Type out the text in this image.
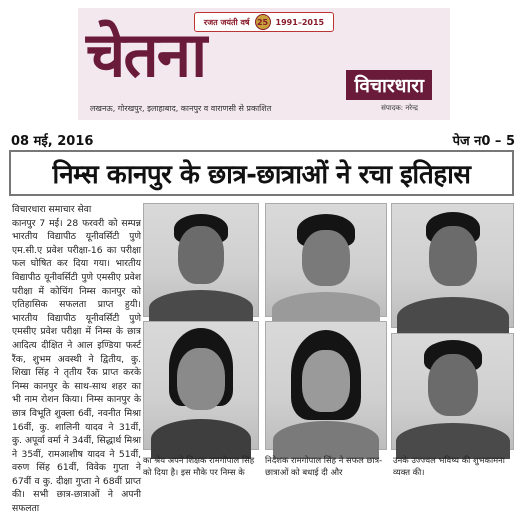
रजत जयंती वर्ष 25 1991–2015
चेतना	विचारधारा
लखनऊ, गोरखपुर, इलाहाबाद, कानपुर व वाराणसी से प्रकाशित	संपादक: नरेन्द्र
08 मई, 2016	पेज न0 – 5
निम्स कानपुर के छात्र-छात्राओं ने रचा इतिहास

विचारधारा समाचार सेवा

कानपुर 7 मई। 28 फरवरी को सम्पन्न भारतीय विद्यापीठ यूनीवर्सिटी पुणे एम.सी.ए प्रवेश परीक्षा-16 का परीक्षा फल घोषित कर दिया गया। भारतीय विद्यापीठ यूनीवर्सिटी पुणे एमसीए प्रवेश परीक्षा में कोचिंग निम्स कानपुर को एतिहासिक सफलता प्राप्त हुयी। भारतीय विद्यापीठ यूनीवर्सिटी पुणे एमसीए प्रवेश परीक्षा में निम्स के छात्र आदित्य दीक्षित ने आल इण्डिया फर्स्ट रैंक, शुभम अवस्थी ने द्वितीय, कु. शिखा सिंह ने तृतीय रैंक प्राप्त करके निम्स कानपुर के साथ-साथ शहर का भी नाम रोशन किया। निम्स कानपुर के छात्र विभूति शुक्ला 6वीं, नवनीत मिश्रा 16वीं, कु. शालिनी यादव ने 31वीं, कु. अपूर्वा वर्मा ने 34वीं, सिद्धार्थ मिश्रा ने 35वीं, रामआशीष यादव ने 51वीं, वरुण सिंह 61वीं, विवेक गुप्ता ने 67वीं व कु. दीक्षा गुप्ता ने 68वीं प्राप्त की। सभी छात्र-छात्राओं ने अपनी सफलता

का श्रेय अपने शिक्षक रामगोपाल सिंह को दिया है। इस मौके पर निम्स के
निदेशक रामगोपाल सिंह ने सफल छात्र-छात्राओं को बधाई दी और
उनके उज्ज्वल भविष्य की शुभकामना व्यक्त की।
